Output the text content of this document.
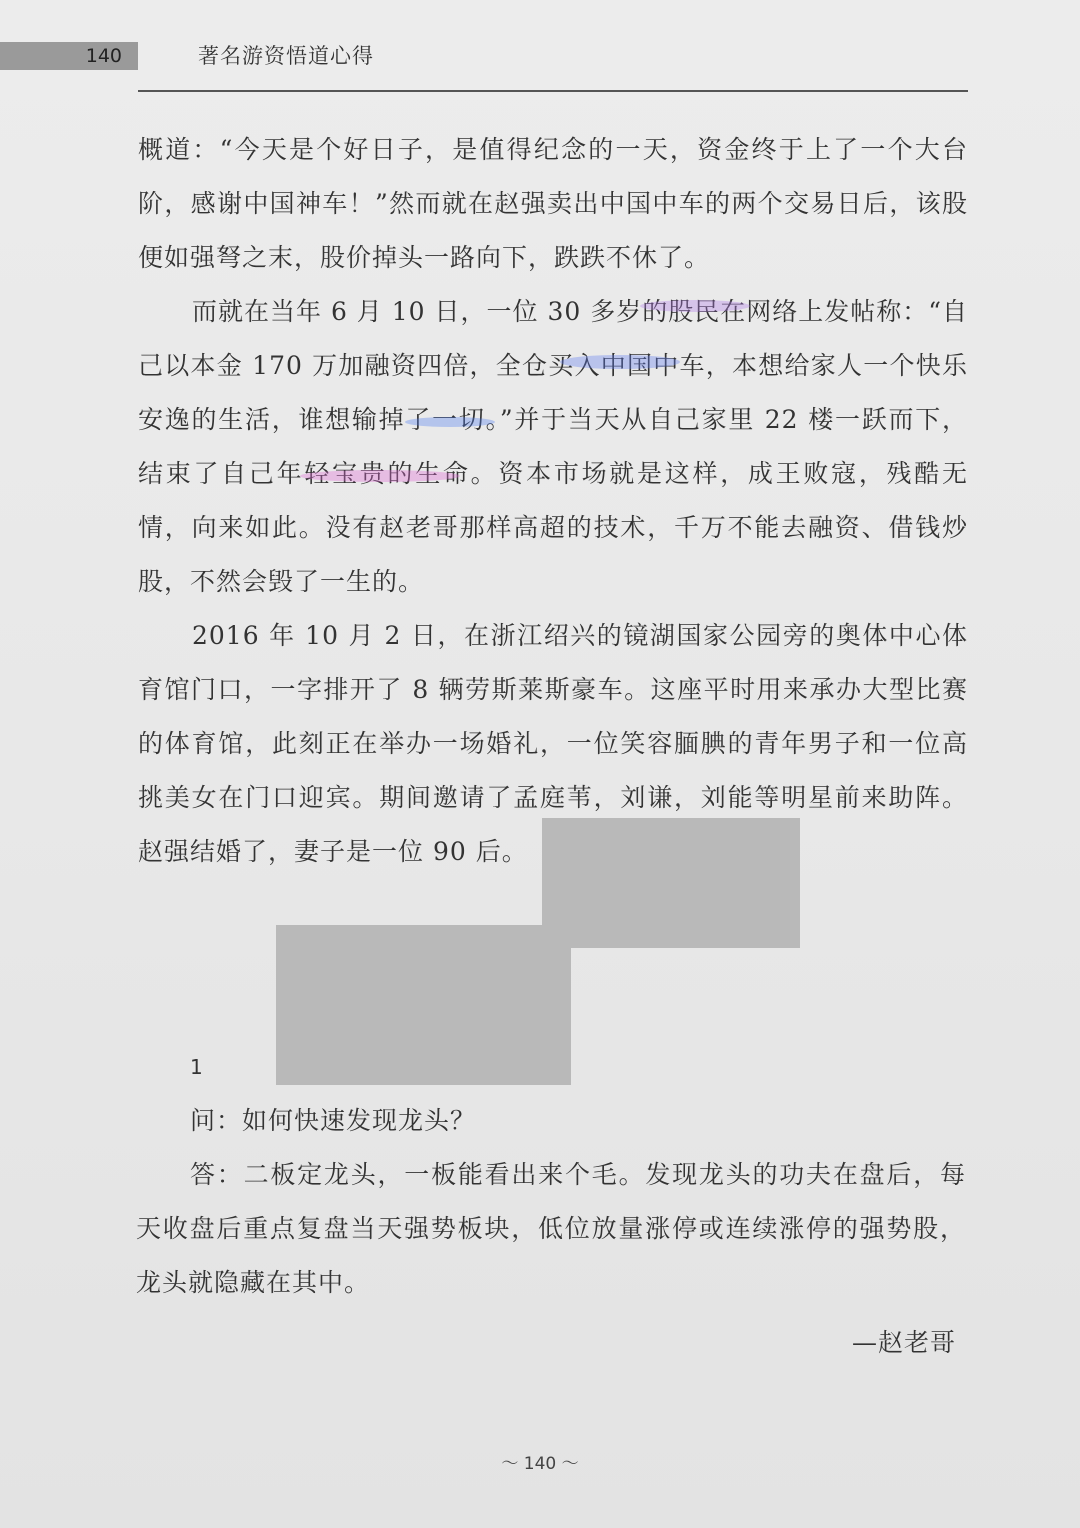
140	著名游资悟道心得

概道：“今天是个好日子，是值得纪念的一天，资金终于上了一个大台阶，感谢中国神车！”然而就在赵强卖出中国中车的两个交易日后，该股便如强弩之末，股价掉头一路向下，跌跌不休了。

而就在当年 6 月 10 日，一位 30 多岁的股民在网络上发帖称：“自己以本金 170 万加融资四倍，全仓买入中国中车，本想给家人一个快乐安逸的生活，谁想输掉了一切。”并于当天从自己家里 22 楼一跃而下，结束了自己年轻宝贵的生命。资本市场就是这样，成王败寇，残酷无情，向来如此。没有赵老哥那样高超的技术，千万不能去融资、借钱炒股，不然会毁了一生的。

2016 年 10 月 2 日，在浙江绍兴的镜湖国家公园旁的奥体中心体育馆门口，一字排开了 8 辆劳斯莱斯豪车。这座平时用来承办大型比赛的体育馆，此刻正在举办一场婚礼，一位笑容腼腆的青年男子和一位高挑美女在门口迎宾。期间邀请了孟庭苇，刘谦，刘能等明星前来助阵。赵强结婚了，妻子是一位 90 后。

1

问：如何快速发现龙头？

答：二板定龙头，一板能看出来个毛。发现龙头的功夫在盘后，每天收盘后重点复盘当天强势板块，低位放量涨停或连续涨停的强势股，龙头就隐藏在其中。

—赵老哥
～ 140 ～
